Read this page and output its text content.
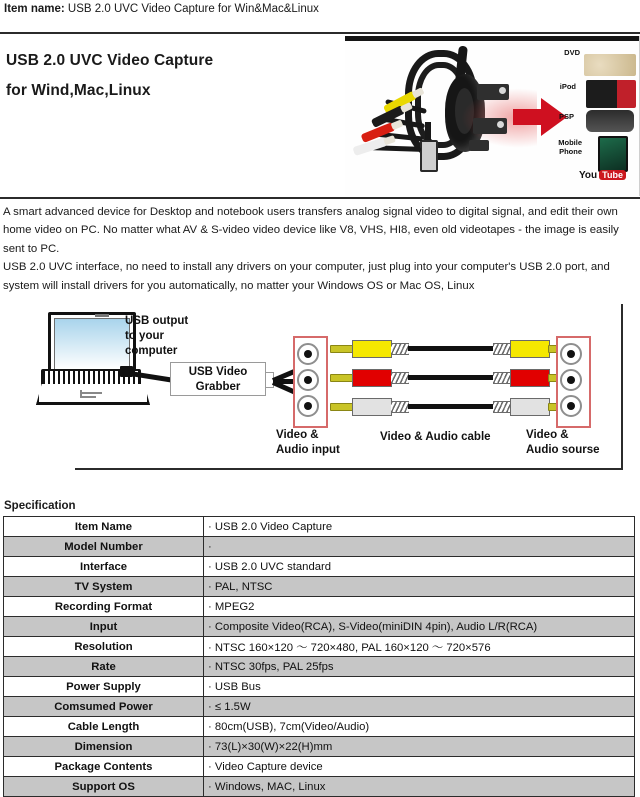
Item name: USB 2.0 UVC Video Capture for Win&Mac&Linux
USB 2.0 UVC Video Capture
for Wind,Mac,Linux
DVD
iPod
PSP
Mobile
Phone
You Tube

A smart advanced device for Desktop and notebook users transfers analog signal video to digital signal, and edit their own home video on PC. No matter what AV & S-video video device like V8, VHS, HI8, even old videotapes - the image is easily sent to PC.

USB 2.0 UVC interface, no need to install any drivers on your computer, just plug into your computer's USB 2.0 port, and system will install drivers for you automatically, no matter your Windows OS or Mac OS, Linux

USB output
to your
computer
USB Video
Grabber
Video &
Audio input
Video & Audio cable	Video &
Audio sourse
Specification
Item Name	· USB 2.0 Video Capture
Model Number	·
Interface	· USB 2.0 UVC standard
TV System	· PAL, NTSC
Recording Format	· MPEG2
Input	· Composite Video(RCA), S-Video(miniDIN 4pin), Audio L/R(RCA)
Resolution	· NTSC 160×120 ～ 720×480, PAL 160×120 ～ 720×576
Rate	· NTSC 30fps, PAL 25fps
Power Supply	· USB Bus
Comsumed Power	· ≤ 1.5W
Cable Length	· 80cm(USB), 7cm(Video/Audio)
Dimension	· 73(L)×30(W)×22(H)mm
Package Contents	· Video Capture device
Support OS	· Windows, MAC, Linux
